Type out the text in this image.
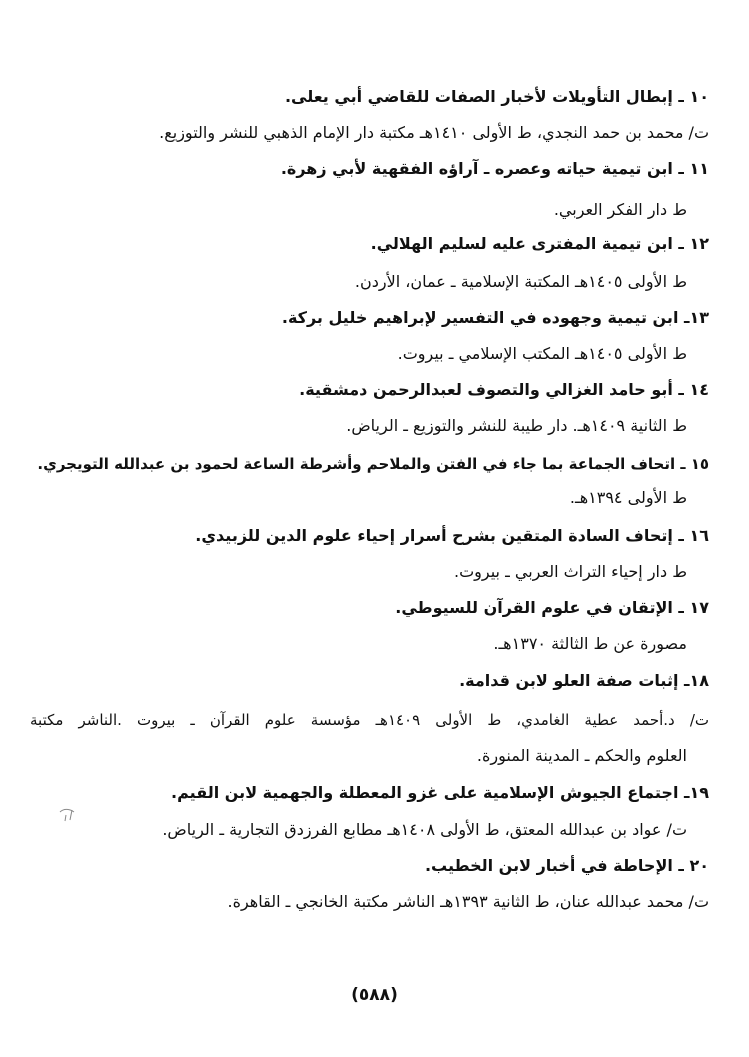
١٠ ـ إبطال التأويلات لأخبار الصفات للقاضي أبي يعلى.
ت/ محمد بن حمد النجدي، ط الأولى ١٤١٠هـ مكتبة دار الإمام الذهبي للنشر والتوزيع.
١١ ـ ابن تيمية حياته وعصره ـ آراؤه الفقهية لأبي زهرة.
ط دار الفكر العربي.
١٢ ـ ابن تيمية المفترى عليه لسليم الهلالي.
ط الأولى ١٤٠٥هـ المكتبة الإسلامية ـ عمان، الأردن.
١٣ـ ابن تيمية وجهوده في التفسير لإبراهيم خليل بركة.
ط الأولى ١٤٠٥هـ المكتب الإسلامي ـ بيروت.
١٤ ـ أبو حامد الغزالي والتصوف لعبدالرحمن دمشقية.
ط الثانية ١٤٠٩هـ. دار طيبة للنشر والتوزيع ـ الرياض.
١٥ ـ اتحاف الجماعة بما جاء في الفتن والملاحم وأشرطة الساعة لحمود بن عبدالله التويجري.
ط الأولى ١٣٩٤هـ.
١٦ ـ إتحاف السادة المتقين بشرح أسرار إحياء علوم الدين للزبيدي.
ط دار إحياء التراث العربي ـ بيروت.
١٧ ـ الإتقان في علوم القرآن للسيوطي.
مصورة عن ط الثالثة ١٣٧٠هـ.
١٨ـ إثبات صفة العلو لابن قدامة.
ت/ د.أحمد عطية الغامدي، ط الأولى ١٤٠٩هـ مؤسسة علوم القرآن ـ بيروت .الناشر مكتبة
العلوم والحكم ـ المدينة المنورة.
١٩ـ اجتماع الجيوش الإسلامية على غزو المعطلة والجهمية لابن القيم.
ت/ عواد بن عبدالله المعتق، ط الأولى ١٤٠٨هـ مطابع الفرزدق التجارية ـ الرياض.
٢٠ ـ الإحاطة في أخبار لابن الخطيب.
ت/ محمد عبدالله عنان، ط الثانية ١٣٩٣هـ الناشر مكتبة الخانجي ـ القاهرة.
(٥٨٨)
